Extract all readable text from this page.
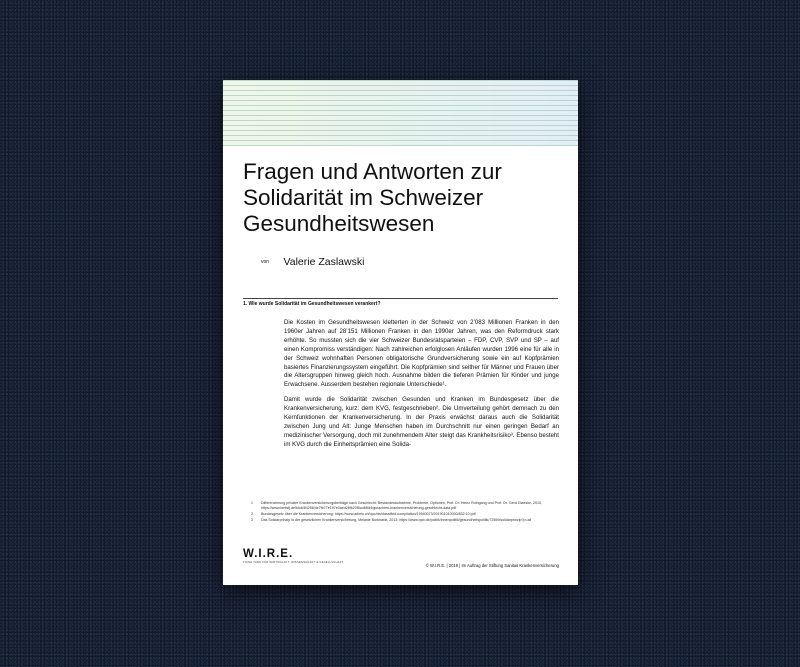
Fragen und Antworten zur
Solidarität im Schweizer
Gesundheitswesen
von Valerie Zaslawski
1. Wie wurde Solidarität im Gesundheitswesen verankert?

Die Kosten im Gesundheitswesen kletterten in der Schweiz von 2’083 Millionen Franken in den 1960er Jahren auf 28’151 Millionen Franken in den 1990er Jahren, was den Reformdruck stark erhöhte. So mussten sich die vier Schweizer Bundesratsparteien – FDP, CVP, SVP und SP – auf einen Kompromiss verständigen: Nach zahlreichen erfolglosen Anläufen wurden 1996 eine für alle in der Schweiz wohnhaften Personen obligatorische Grundversicherung sowie ein auf Kopfprämien basiertes Finanzierungssystem eingeführt. Die Kopfprämien sind seither für Männer und Frauen über die Altersgruppen hinweg gleich hoch. Ausnahme bilden die tieferen Prämien für Kinder und junge Erwachsene. Ausserdem bestehen regionale Unterschiede¹.

Damit wurde die Solidarität zwischen Gesunden und Kranken im Bundesgesetz über die Krankenversicherung, kurz: dem KVG, festgeschrieben². Die Umverteilung gehört demnach zu den Kernfunktionen der Krankenversicherung. In der Praxis erwächst daraus auch die Solidarität zwischen Jung und Alt: Junge Menschen haben im Durchschnitt nur einen geringen Bedarf an medizinischer Versorgung, doch mit zunehmendem Alter steigt das Krankheitsrisiko³. Ebenso besteht im KVG durch die Einheitsprämien eine Solida-

1	Differenzierung privater Krankenversicherungsbeiträge nach Geschlecht: Bestandesaufnahme, Probleme, Optionen, Prof. Dr. Heinz Rothgang und Prof. Dr. Gerd Glaeske, 2010, https://www.bmfsfj.de/blob/84256/4e7fb77e197e0aed28fb20f5cc88fd9/gutachten-krankenversicherung-geschlecht-data.pdf
2	Bundesgesetz über die Krankenversicherung: https://www.admin.ch/opc/de/classified-compilation/19940073/201901010000/832.10.pdf
3	Das Solidarprinzip in der gesetzlichen Krankenversicherung, Melanie Burkhardt, 2013: https://www.bpb.de/politik/innenpolitik/gesundheitspolitik/72559/solidarprinzip?p=all
W.I.R.E.
THINK TANK FÜR WIRTSCHAFT, WISSENSCHAFT & GESELLSCHAFT
© W.I.R.E. | 2019 | Im Auftrag der Stiftung Sanitas Krankenversicherung
